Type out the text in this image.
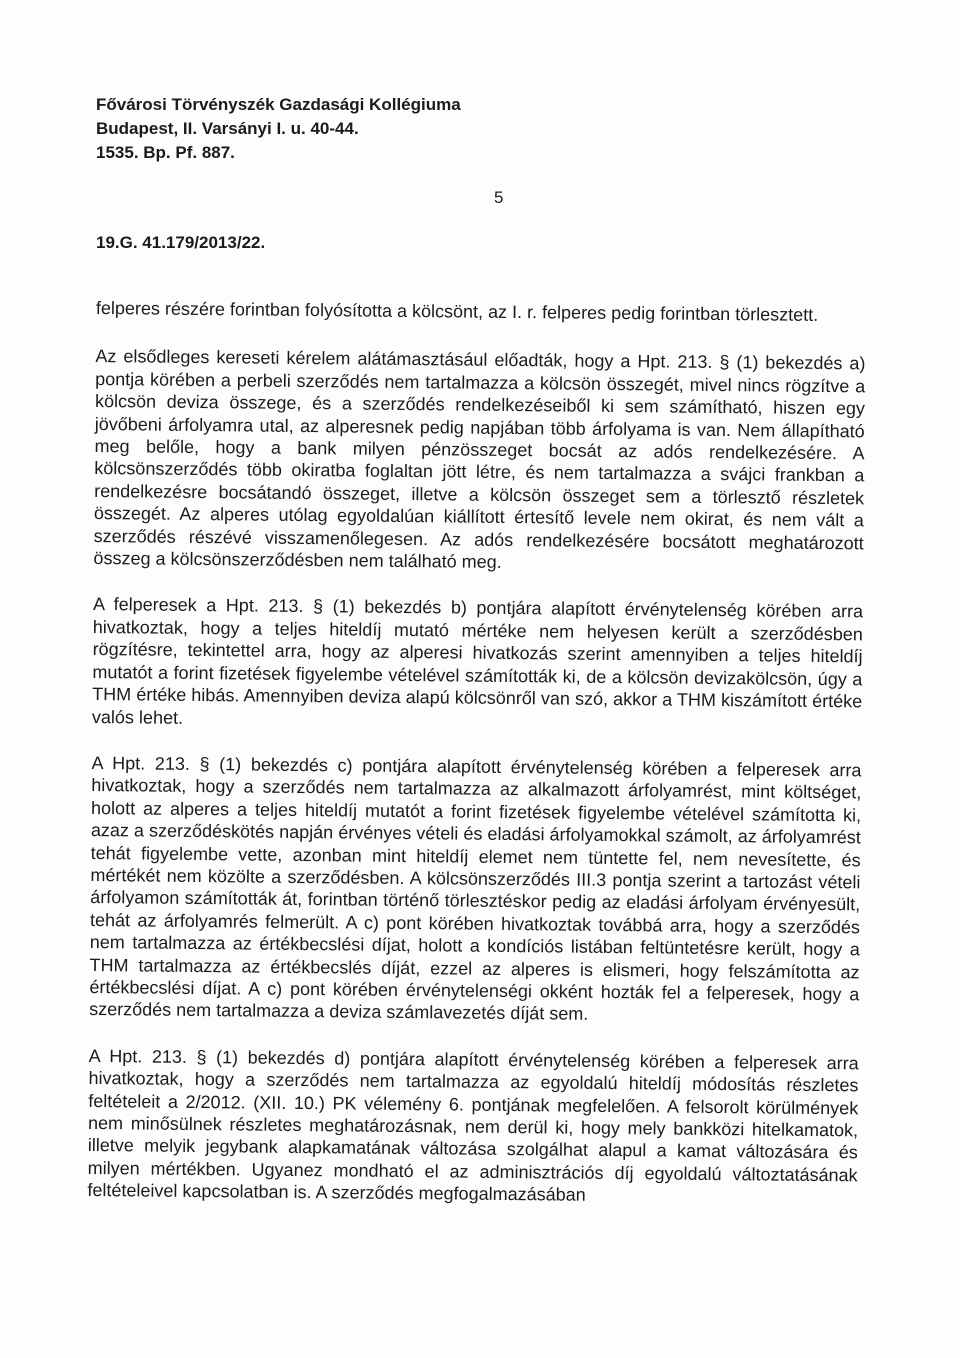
Fővárosi Törvényszék Gazdasági Kollégiuma
Budapest, II. Varsányi I. u. 40-44.
1535. Bp. Pf. 887.
5
19.G. 41.179/2013/22.

felperes részére forintban folyósította a kölcsönt, az I. r. felperes pedig forintban törlesztett.

Az elsődleges kereseti kérelem alátámasztásául előadták, hogy a Hpt. 213. § (1) bekezdés a) pontja körében a perbeli szerződés nem tartalmazza a kölcsön összegét, mivel nincs rögzítve a kölcsön deviza összege, és a szerződés rendelkezéseiből ki sem számítható, hiszen egy jövőbeni árfolyamra utal, az alperesnek pedig napjában több árfolyama is van. Nem állapítható meg belőle, hogy a bank milyen pénzösszeget bocsát az adós rendelkezésére. A kölcsönszerződés több okiratba foglaltan jött létre, és nem tartalmazza a svájci frankban a rendelkezésre bocsátandó összeget, illetve a kölcsön összeget sem a törlesztő részletek összegét. Az alperes utólag egyoldalúan kiállított értesítő levele nem okirat, és nem vált a szerződés részévé visszamenőlegesen. Az adós rendelkezésére bocsátott meghatározott összeg a kölcsönszerződésben nem található meg.

A felperesek a Hpt. 213. § (1) bekezdés b) pontjára alapított érvénytelenség körében arra hivatkoztak, hogy a teljes hiteldíj mutató mértéke nem helyesen került a szerződésben rögzítésre, tekintettel arra, hogy az alperesi hivatkozás szerint amennyiben a teljes hiteldíj mutatót a forint fizetések figyelembe vételével számították ki, de a kölcsön devizakölcsön, úgy a THM értéke hibás. Amennyiben deviza alapú kölcsönről van szó, akkor a THM kiszámított értéke valós lehet.

A Hpt. 213. § (1) bekezdés c) pontjára alapított érvénytelenség körében a felperesek arra hivatkoztak, hogy a szerződés nem tartalmazza az alkalmazott árfolyamrést, mint költséget, holott az alperes a teljes hiteldíj mutatót a forint fizetések figyelembe vételével számította ki, azaz a szerződéskötés napján érvényes vételi és eladási árfolyamokkal számolt, az árfolyamrést tehát figyelembe vette, azonban mint hiteldíj elemet nem tüntette fel, nem nevesítette, és mértékét nem közölte a szerződésben. A kölcsönszerződés III.3 pontja szerint a tartozást vételi árfolyamon számították át, forintban történő törlesztéskor pedig az eladási árfolyam érvényesült, tehát az árfolyamrés felmerült. A c) pont körében hivatkoztak továbbá arra, hogy a szerződés nem tartalmazza az értékbecslési díjat, holott a kondíciós listában feltüntetésre került, hogy a THM tartalmazza az értékbecslés díját, ezzel az alperes is elismeri, hogy felszámította az értékbecslési díjat. A c) pont körében érvénytelenségi okként hozták fel a felperesek, hogy a szerződés nem tartalmazza a deviza számlavezetés díját sem.

A Hpt. 213. § (1) bekezdés d) pontjára alapított érvénytelenség körében a felperesek arra hivatkoztak, hogy a szerződés nem tartalmazza az egyoldalú hiteldíj módosítás részletes feltételeit a 2/2012. (XII. 10.) PK vélemény 6. pontjának megfelelően. A felsorolt körülmények nem minősülnek részletes meghatározásnak, nem derül ki, hogy mely bankközi hitelkamatok, illetve melyik jegybank alapkamatának változása szolgálhat alapul a kamat változására és milyen mértékben. Ugyanez mondható el az adminisztrációs díj egyoldalú változtatásának feltételeivel kapcsolatban is. A szerződés megfogalmazásában
